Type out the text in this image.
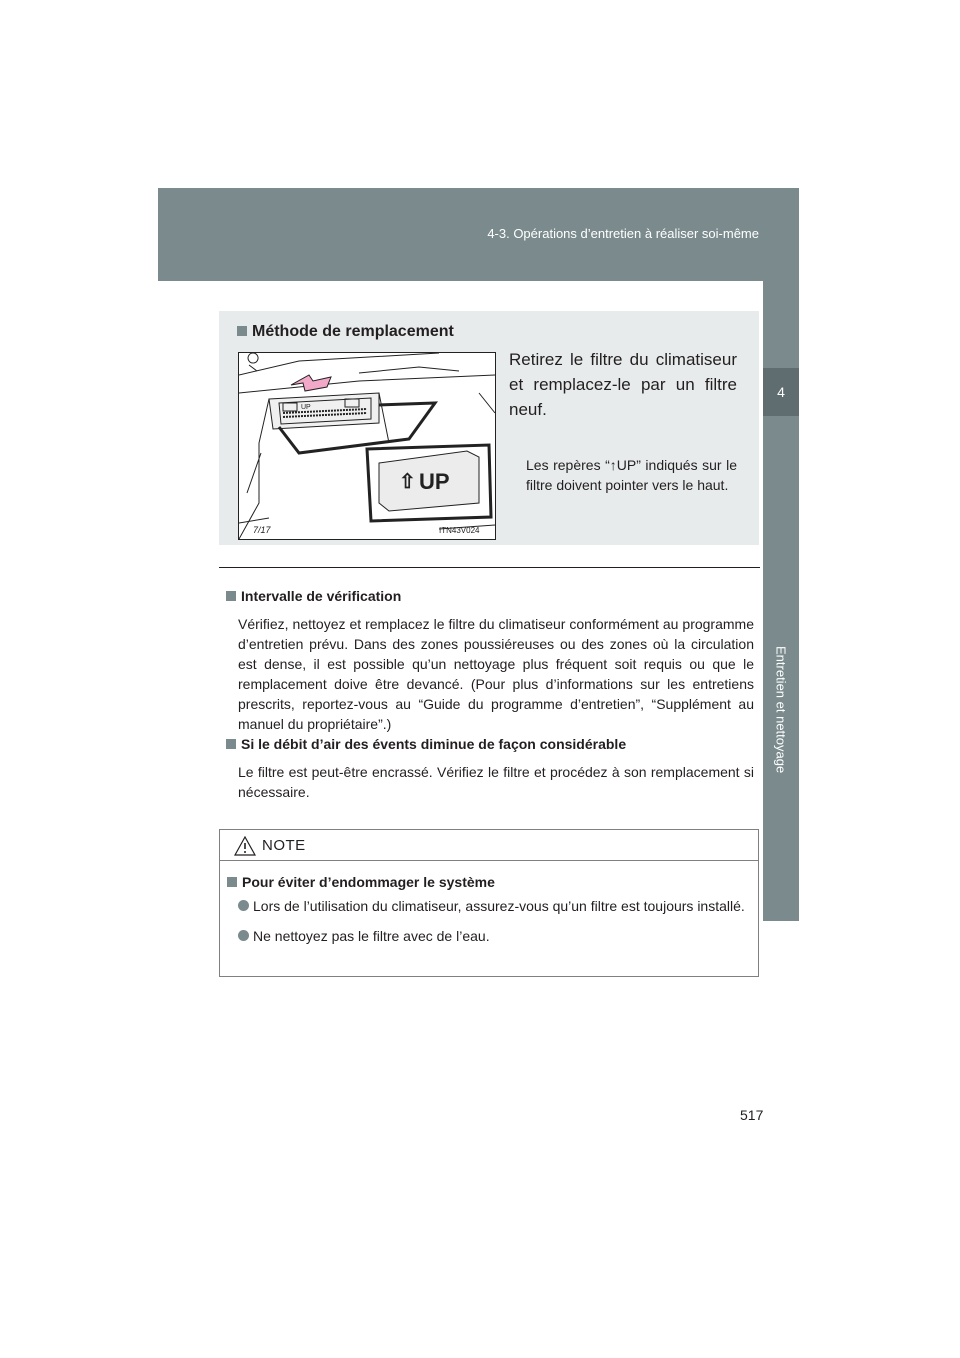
4-3. Opérations d’entretien à réaliser soi-même
4
Entretien et nettoyage
Méthode de remplacement
⇧ UP
UP
7/17	ITN43V024
Retirez le filtre du climatiseur et remplacez-le par un filtre neuf.
Les repères “↑UP” indiqués sur le filtre doivent pointer vers le haut.
Intervalle de vérification
Vérifiez, nettoyez et remplacez le filtre du climatiseur conformément au programme d’entretien prévu. Dans des zones poussiéreuses ou des zones où la circulation est dense, il est possible qu’un nettoyage plus fréquent soit requis ou que le remplacement doive être devancé. (Pour plus d’informations sur les entretiens prescrits, reportez-vous au “Guide du programme d’entretien”, “Supplément au manuel du propriétaire”.)
Si le débit d’air des évents diminue de façon considérable
Le filtre est peut-être encrassé. Vérifiez le filtre et procédez à son remplacement si nécessaire.
NOTE
Pour éviter d’endommager le système
Lors de l’utilisation du climatiseur, assurez-vous qu’un filtre est toujours installé.
Ne nettoyez pas le filtre avec de l’eau.
517
